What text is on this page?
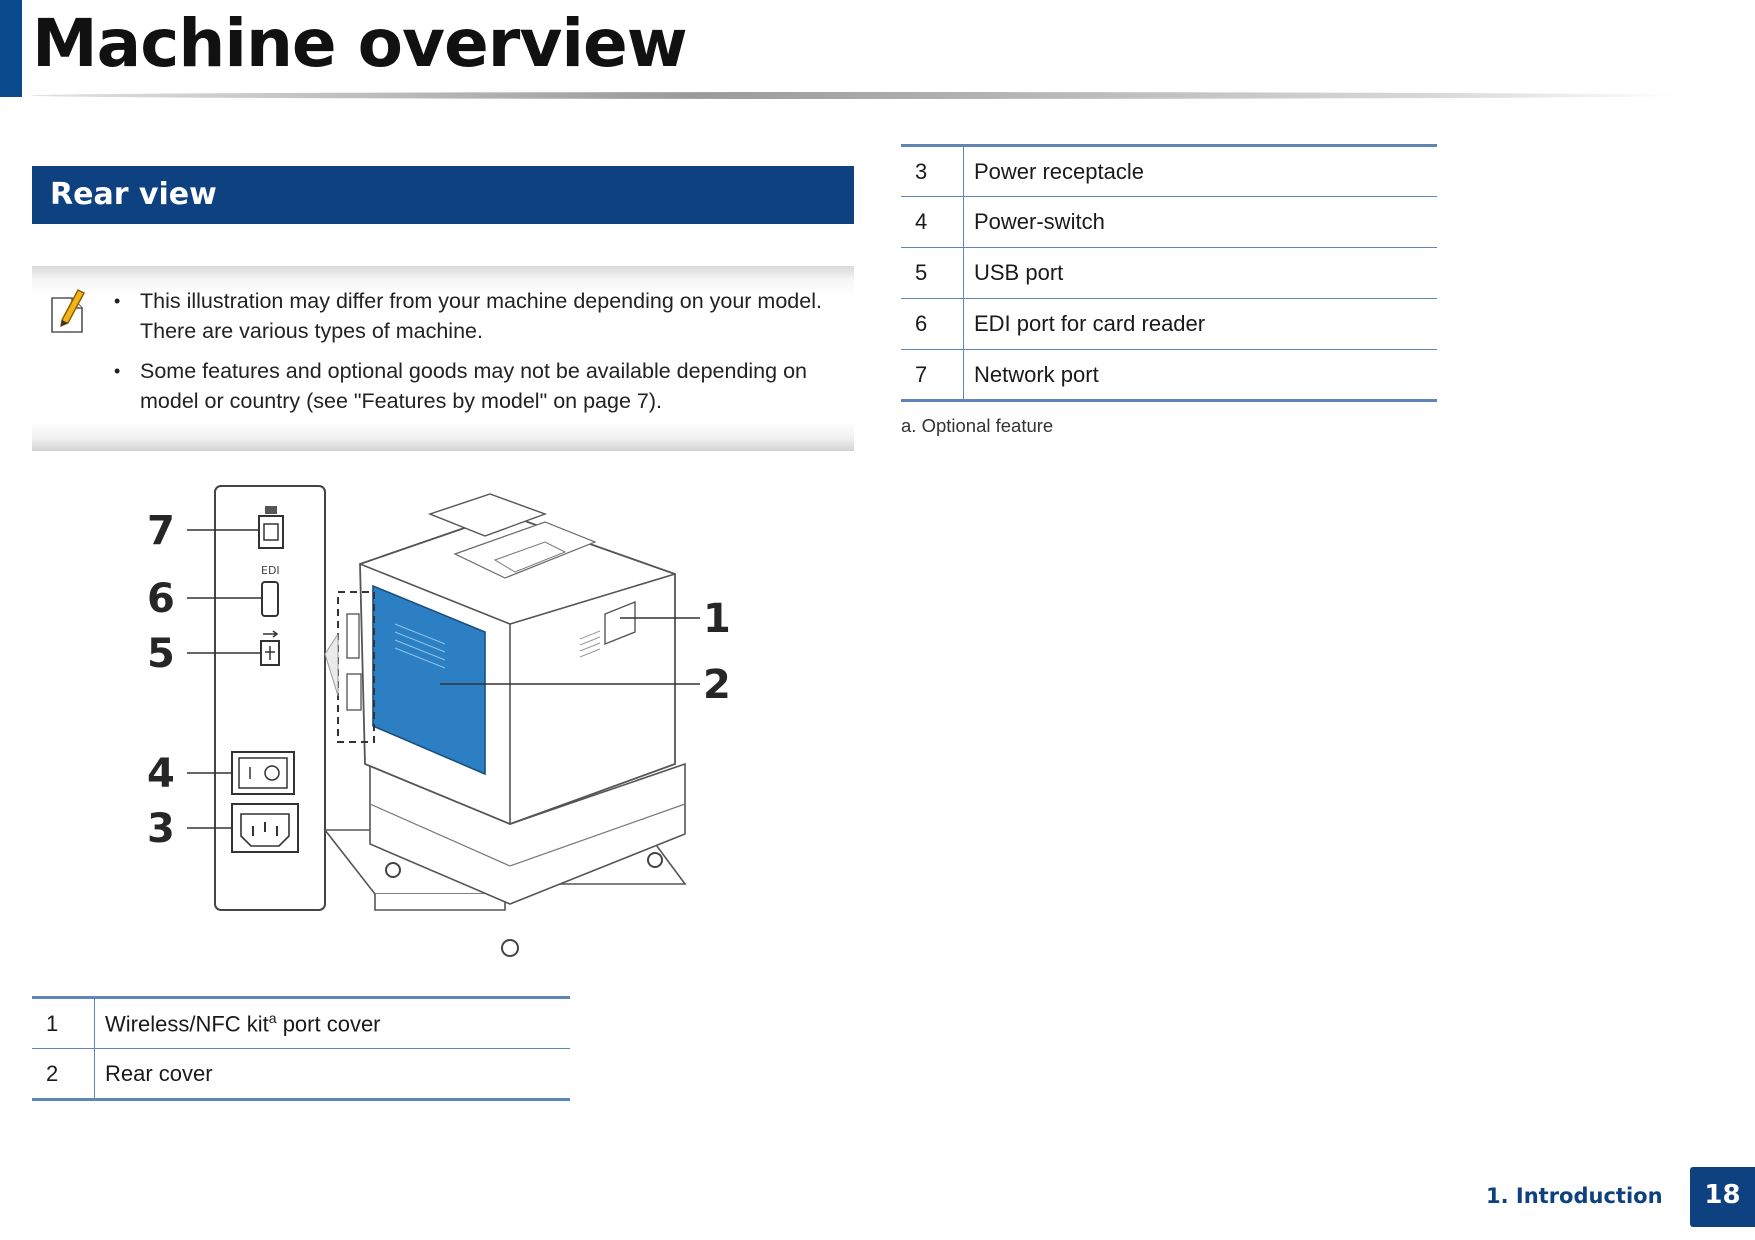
Machine overview
Rear view
• This illustration may differ from your machine depending on your model. There are various types of machine.
• Some features and optional goods may not be available depending on model or country (see "Features by model" on page 7).
EDI
7
6
5
4
3
1
2
1	Wireless/NFC kit$^a$ port cover
2	Rear cover
3	Power receptacle
4	Power-switch
5	USB port
6	EDI port for card reader
7	Network port
a. Optional feature
1. Introduction	18
